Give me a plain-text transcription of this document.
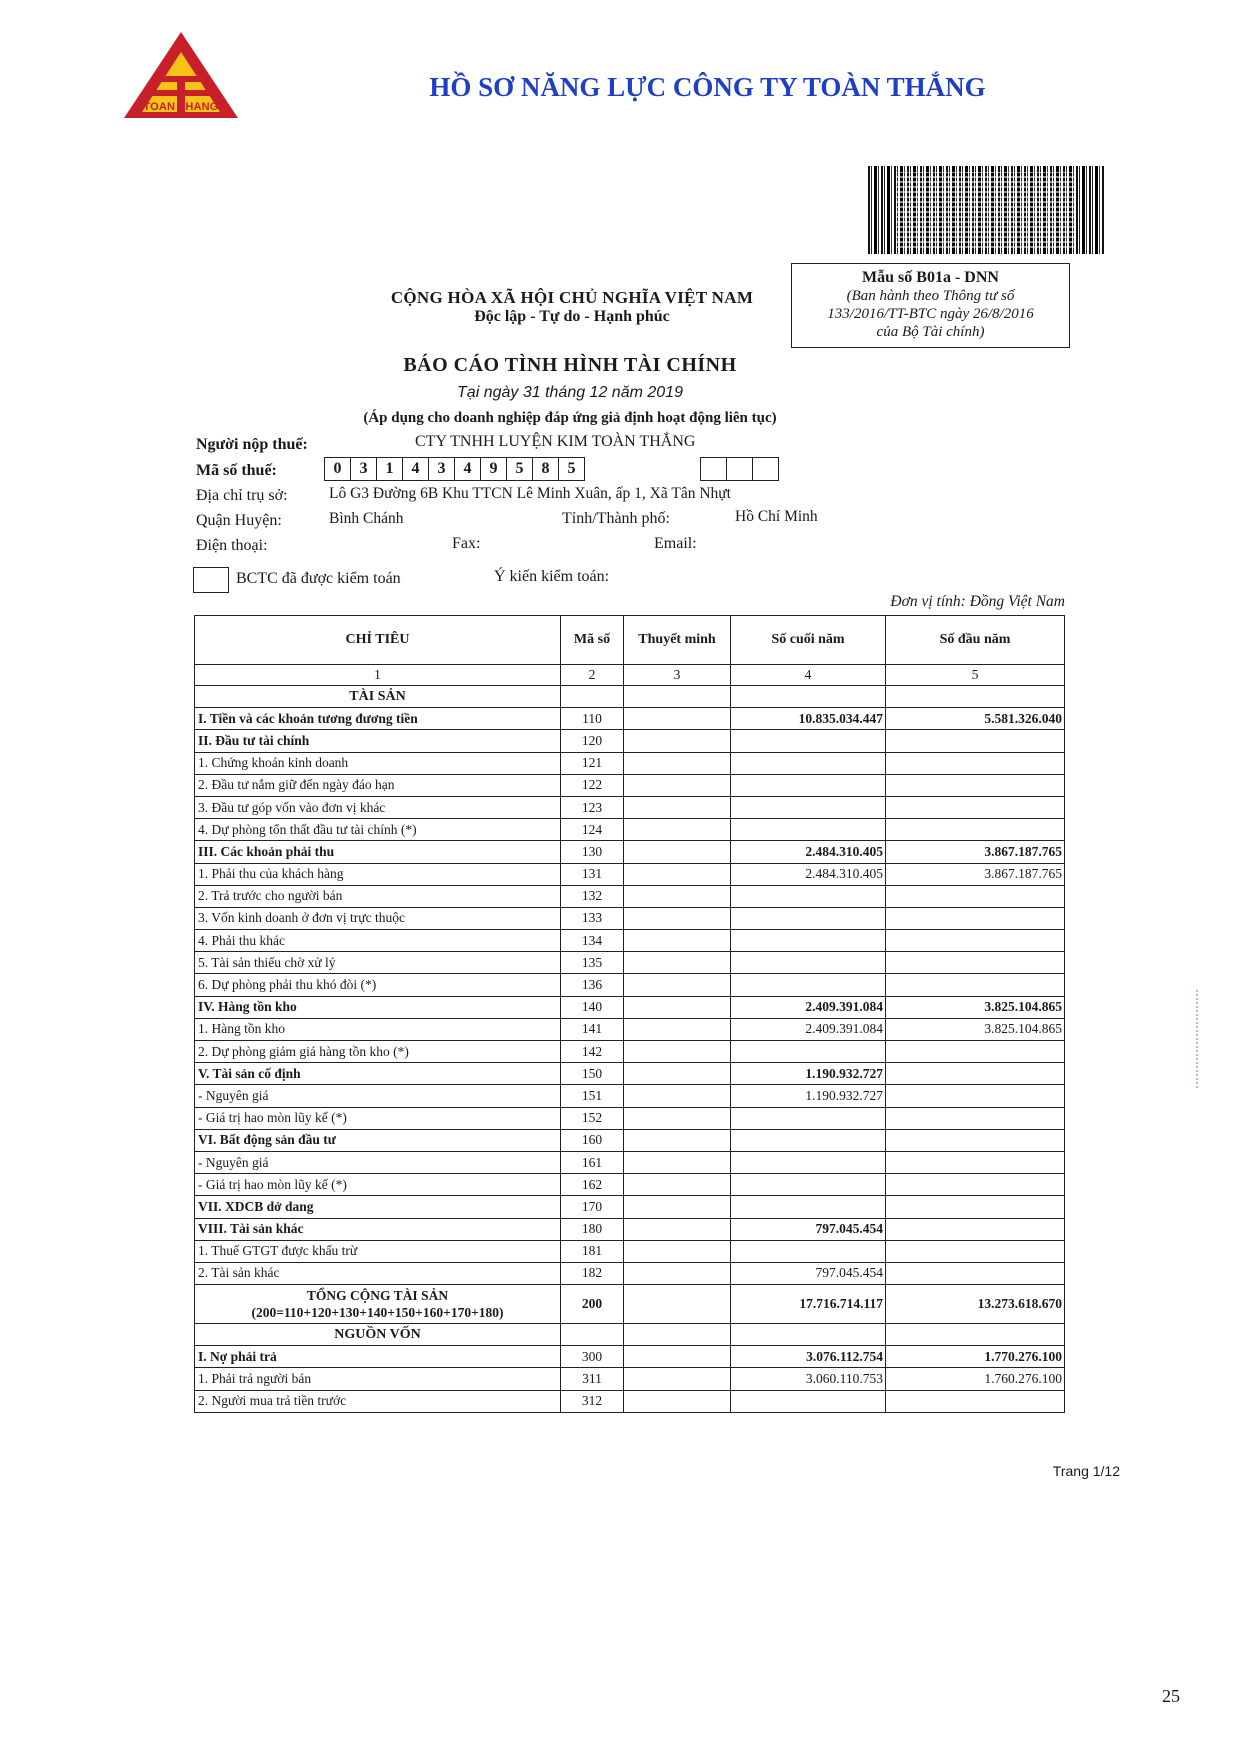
TOAN THANG
HỒ SƠ NĂNG LỰC CÔNG TY TOÀN THẮNG
Mẫu số B01a - DNN
(Ban hành theo Thông tư số
133/2016/TT-BTC ngày 26/8/2016
của Bộ Tài chính)
CỘNG HÒA XÃ HỘI CHỦ NGHĨA VIỆT NAM
Độc lập - Tự do - Hạnh phúc
BÁO CÁO TÌNH HÌNH TÀI CHÍNH
Tại ngày 31 tháng 12 năm 2019
(Áp dụng cho doanh nghiệp đáp ứng giả định hoạt động liên tục)
Người nộp thuế:	CTY TNHH LUYỆN KIM TOÀN THẮNG
Mã số thuế:	0	3	1	4	3	4	9	5	8	5
Địa chỉ trụ sở:	Lô G3 Đường 6B Khu TTCN Lê Minh Xuân, ấp 1, Xã Tân Nhựt
Quận Huyện:	Bình Chánh	Tỉnh/Thành phố:	Hồ Chí Minh
Điện thoại:	Fax:	Email:
BCTC đã được kiểm toán	Ý kiến kiểm toán:
Đơn vị tính: Đồng Việt Nam
CHỈ TIÊU	Mã số	Thuyết minh	Số cuối năm	Số đầu năm
1	2	3	4	5
TÀI SẢN				
I. Tiền và các khoản tương đương tiền	110		10.835.034.447	5.581.326.040
II. Đầu tư tài chính	120			
1. Chứng khoán kinh doanh	121			
2. Đầu tư nắm giữ đến ngày đáo hạn	122			
3. Đầu tư góp vốn vào đơn vị khác	123			
4. Dự phòng tổn thất đầu tư tài chính (*)	124			
III. Các khoản phải thu	130		2.484.310.405	3.867.187.765
1. Phải thu của khách hàng	131		2.484.310.405	3.867.187.765
2. Trả trước cho người bán	132			
3. Vốn kinh doanh ở đơn vị trực thuộc	133			
4. Phải thu khác	134			
5. Tài sản thiếu chờ xử lý	135			
6. Dự phòng phải thu khó đòi (*)	136			
IV. Hàng tồn kho	140		2.409.391.084	3.825.104.865
1. Hàng tồn kho	141		2.409.391.084	3.825.104.865
2. Dự phòng giảm giá hàng tồn kho (*)	142			
V. Tài sản cố định	150		1.190.932.727	
- Nguyên giá	151		1.190.932.727	
- Giá trị hao mòn lũy kế (*)	152			
VI. Bất động sản đầu tư	160			
- Nguyên giá	161			
- Giá trị hao mòn lũy kế (*)	162			
VII. XDCB dở dang	170			
VIII. Tài sản khác	180		797.045.454	
1. Thuế GTGT được khấu trừ	181			
2. Tài sản khác	182		797.045.454	

TỔNG CỘNG TÀI SẢN
(200=110+120+130+140+150+160+170+180)	200		17.716.714.117	13.273.618.670
NGUỒN VỐN				
I. Nợ phải trả	300		3.076.112.754	1.770.276.100
1. Phải trả người bán	311		3.060.110.753	1.760.276.100
2. Người mua trả tiền trước	312			
Trang 1/12
25
